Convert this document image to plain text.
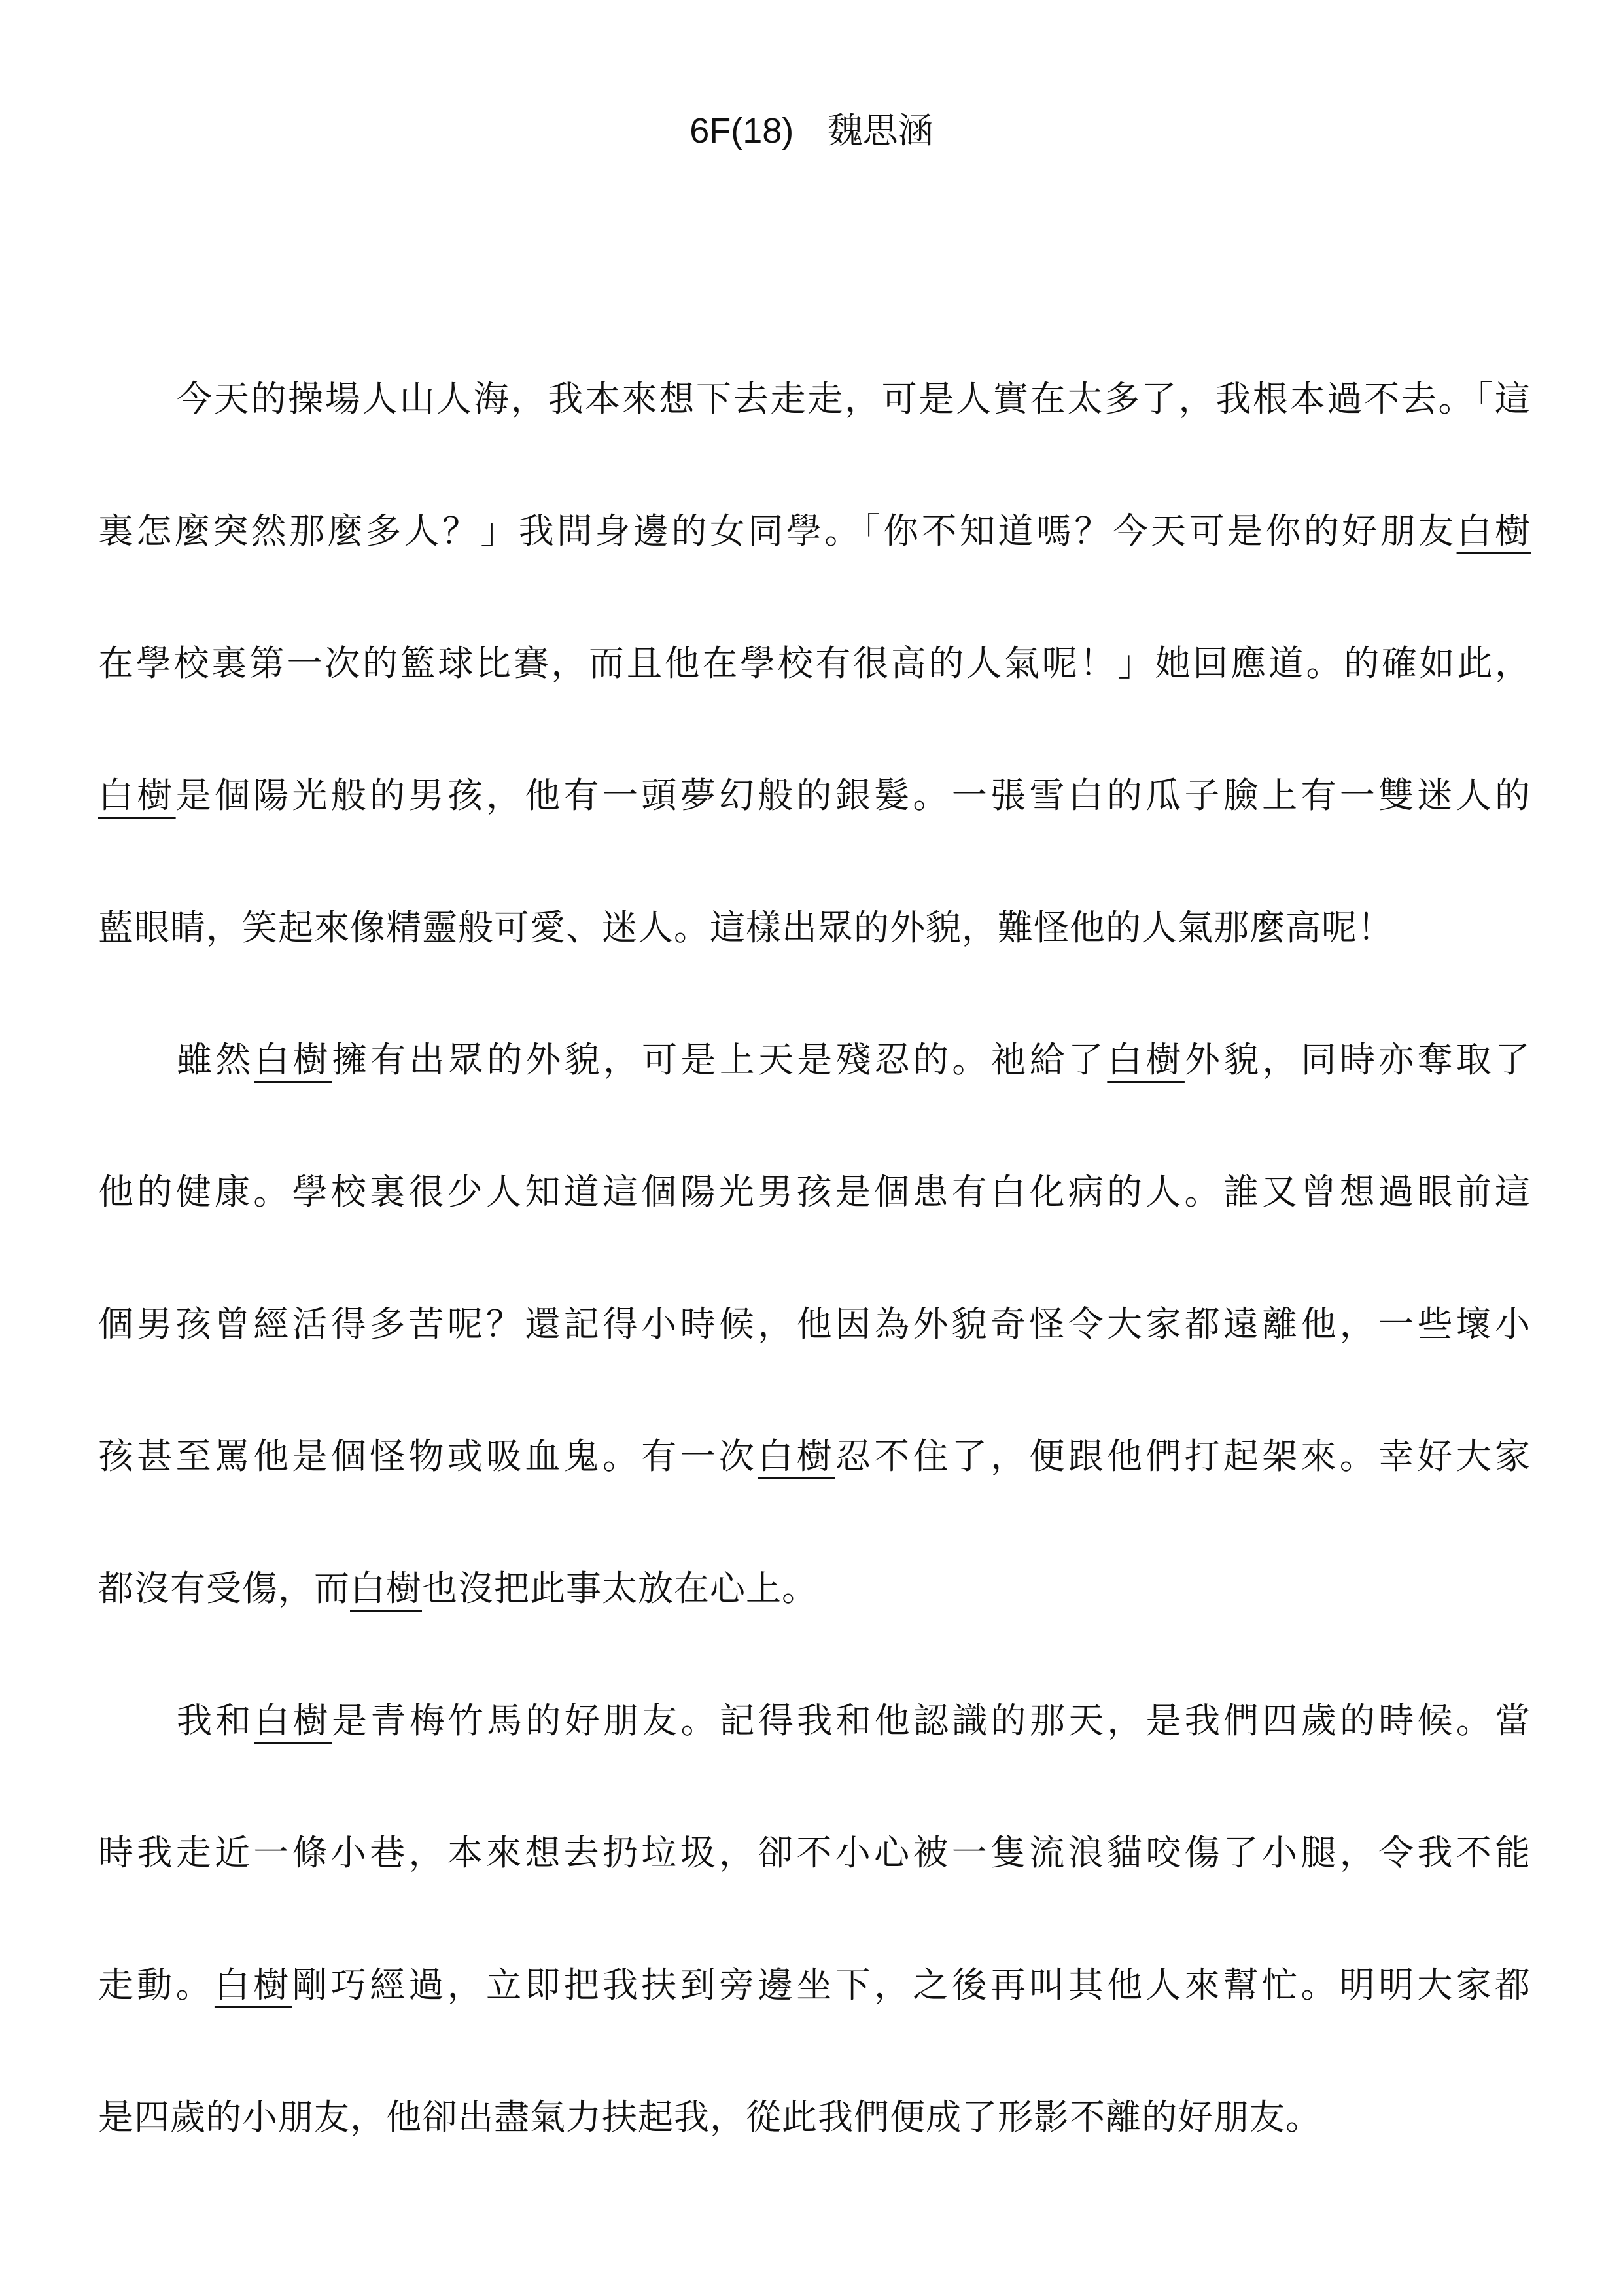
6F(18) 魏思涵
今天的操場人山人海，我本來想下去走走，可是人實在太多了，我根本過不去。「這
裏怎麼突然那麼多人？」我問身邊的女同學。「你不知道嗎？今天可是你的好朋友白樹
在學校裏第一次的籃球比賽，而且他在學校有很高的人氣呢！」她回應道。的確如此，
白樹是個陽光般的男孩，他有一頭夢幻般的銀髮。一張雪白的瓜子臉上有一雙迷人的
藍眼睛，笑起來像精靈般可愛、迷人。這樣出眾的外貌，難怪他的人氣那麼高呢！
雖然白樹擁有出眾的外貌，可是上天是殘忍的。祂給了白樹外貌，同時亦奪取了
他的健康。學校裏很少人知道這個陽光男孩是個患有白化病的人。誰又曾想過眼前這
個男孩曾經活得多苦呢？還記得小時候，他因為外貌奇怪令大家都遠離他，一些壞小
孩甚至罵他是個怪物或吸血鬼。有一次白樹忍不住了，便跟他們打起架來。幸好大家
都沒有受傷，而白樹也沒把此事太放在心上。
我和白樹是青梅竹馬的好朋友。記得我和他認識的那天，是我們四歲的時候。當
時我走近一條小巷，本來想去扔垃圾，卻不小心被一隻流浪貓咬傷了小腿，令我不能
走動。白樹剛巧經過，立即把我扶到旁邊坐下，之後再叫其他人來幫忙。明明大家都
是四歲的小朋友，他卻出盡氣力扶起我，從此我們便成了形影不離的好朋友。
